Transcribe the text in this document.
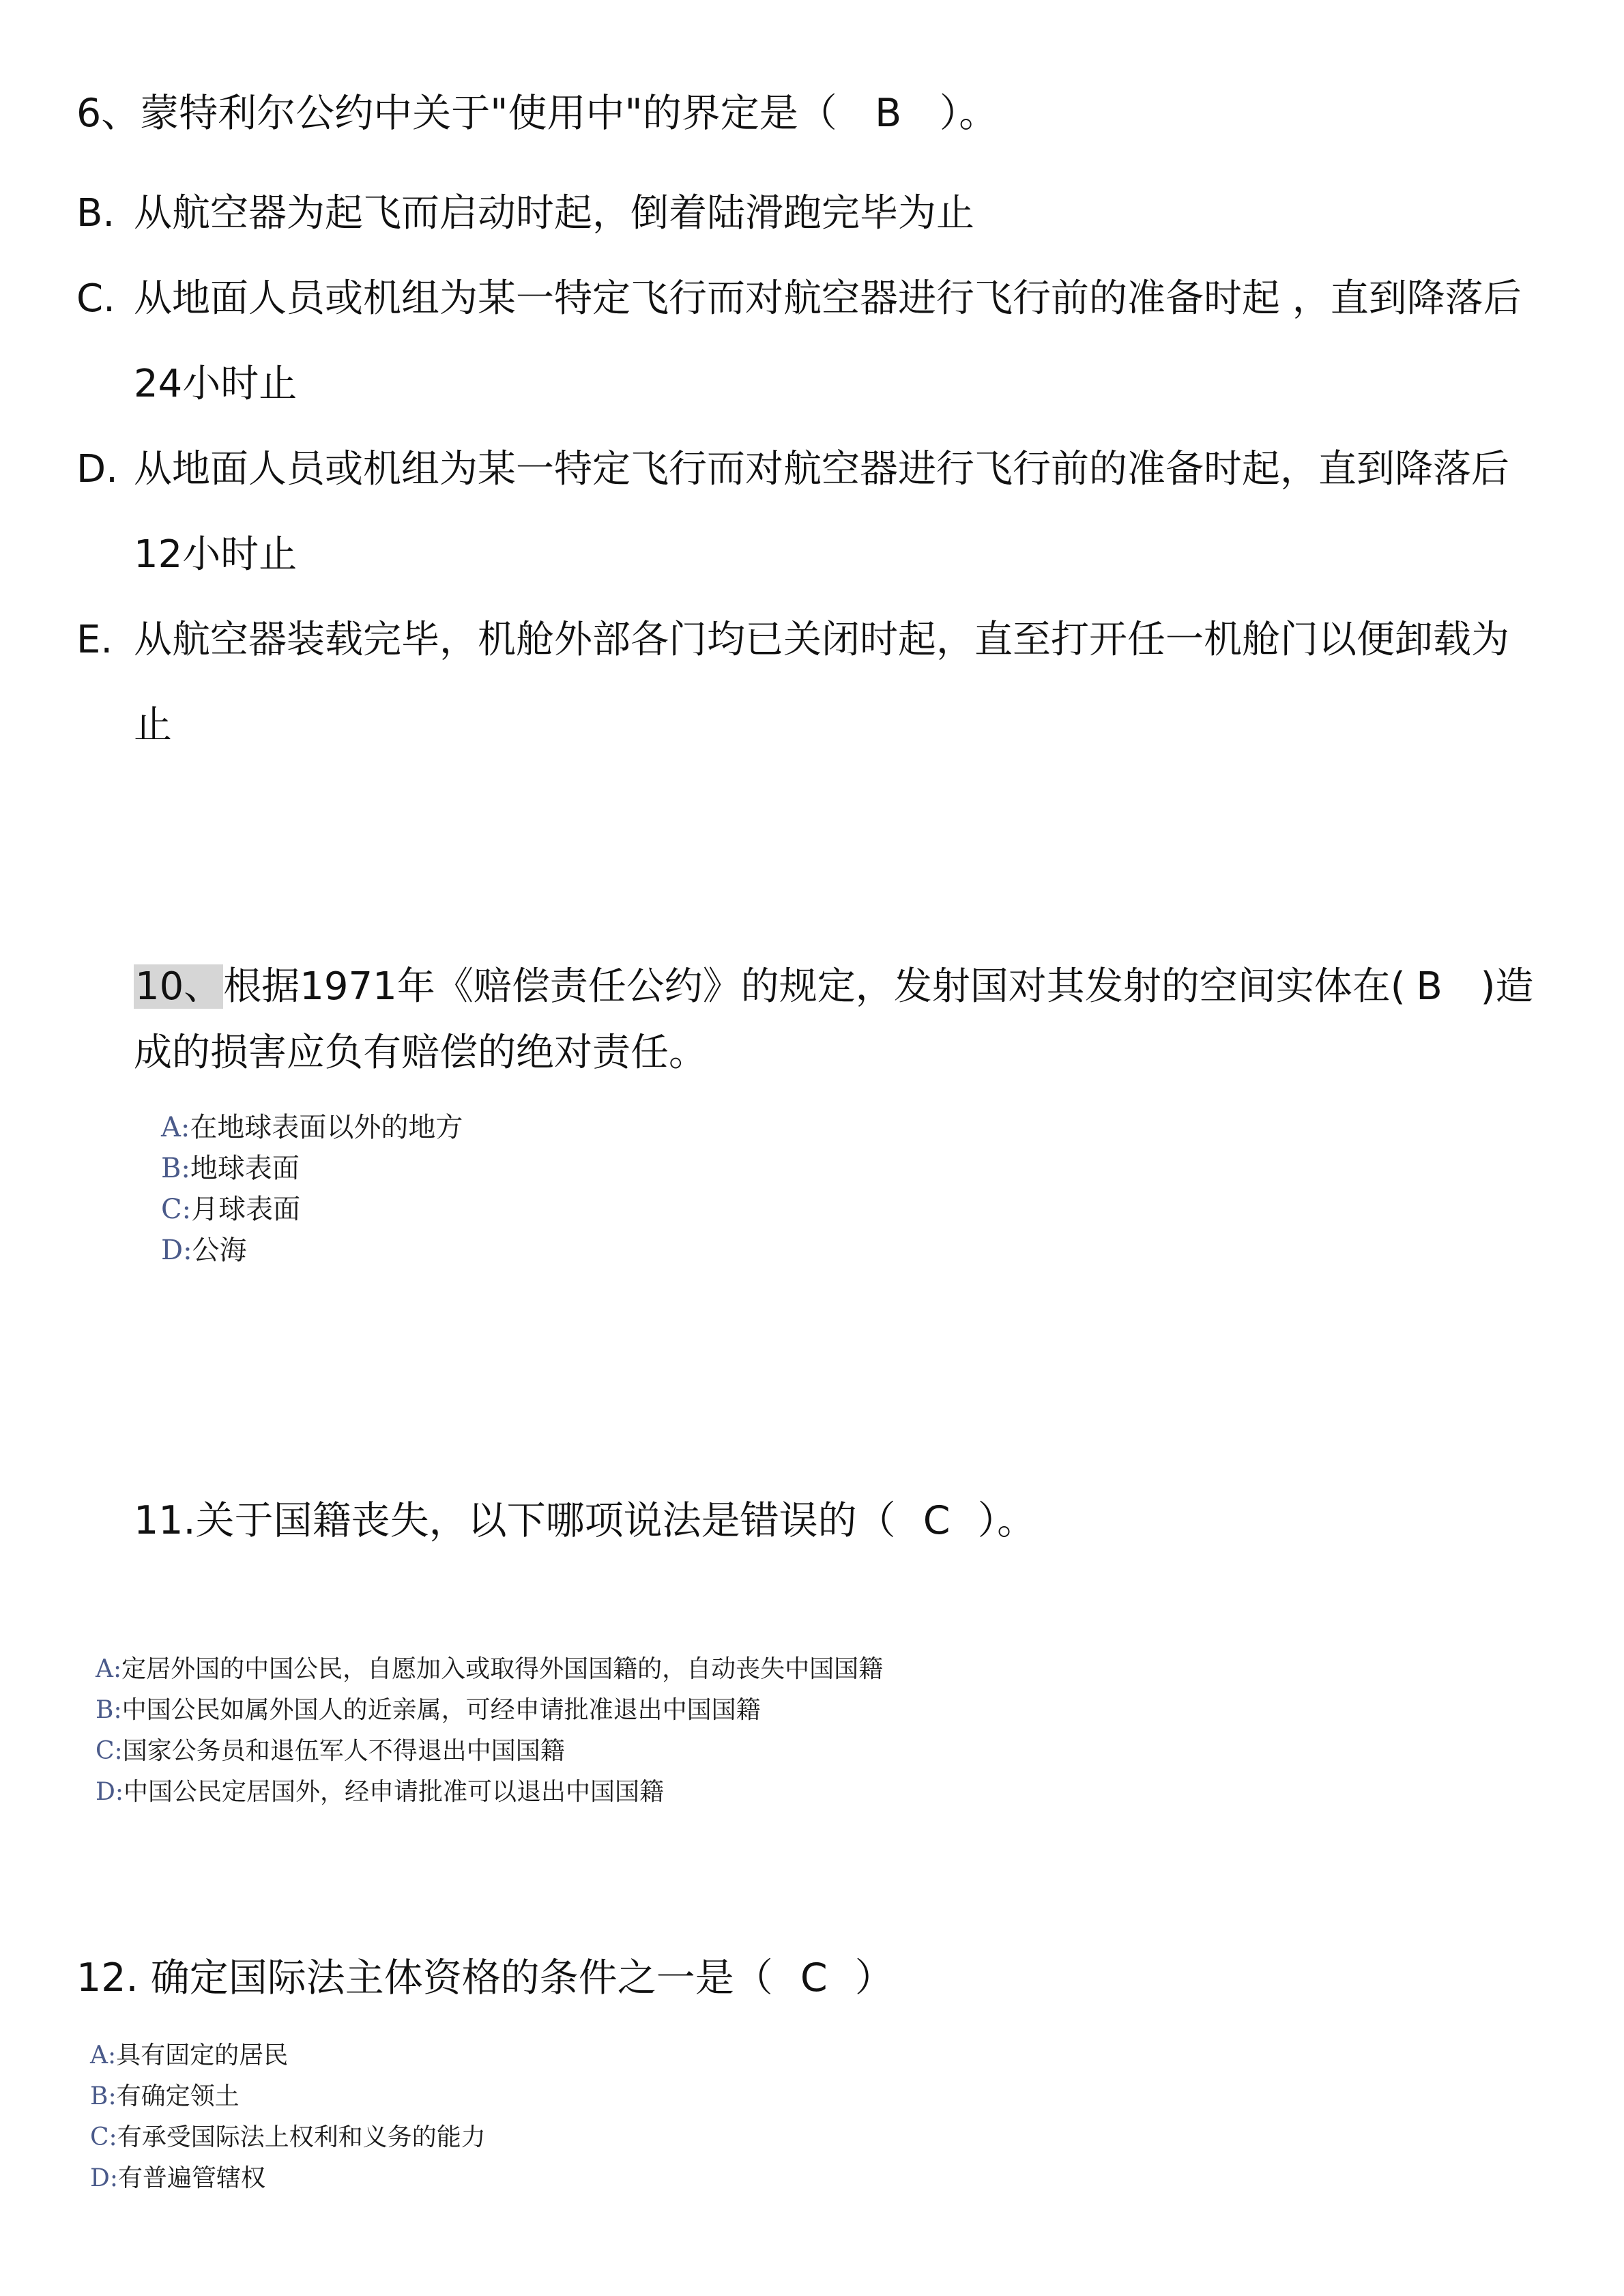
6、蒙特利尔公约中关于"使用中"的界定是（ B ）。
B. 从航空器为起飞而启动时起，倒着陆滑跑完毕为止
C. 从地面人员或机组为某一特定飞行而对航空器进行飞行前的准备时起 ，直到降落后
24小时止
D. 从地面人员或机组为某一特定飞行而对航空器进行飞行前的准备时起，直到降落后
12小时止
E. 从航空器装载完毕，机舱外部各门均已关闭时起，直至打开任一机舱门以便卸载为
止
10、根据1971年《赔偿责任公约》的规定，发射国对其发射的空间实体在( B )造
成的损害应负有赔偿的绝对责任。
A:在地球表面以外的地方
B:地球表面
C:月球表面
D:公海
11.关于国籍丧失，以下哪项说法是错误的（ C ）。
A:定居外国的中国公民，自愿加入或取得外国国籍的，自动丧失中国国籍
B:中国公民如属外国人的近亲属，可经申请批准退出中国国籍
C:国家公务员和退伍军人不得退出中国国籍
D:中国公民定居国外，经申请批准可以退出中国国籍
12. 确定国际法主体资格的条件之一是（ C ）
A:具有固定的居民
B:有确定领土
C:有承受国际法上权利和义务的能力
D:有普遍管辖权
